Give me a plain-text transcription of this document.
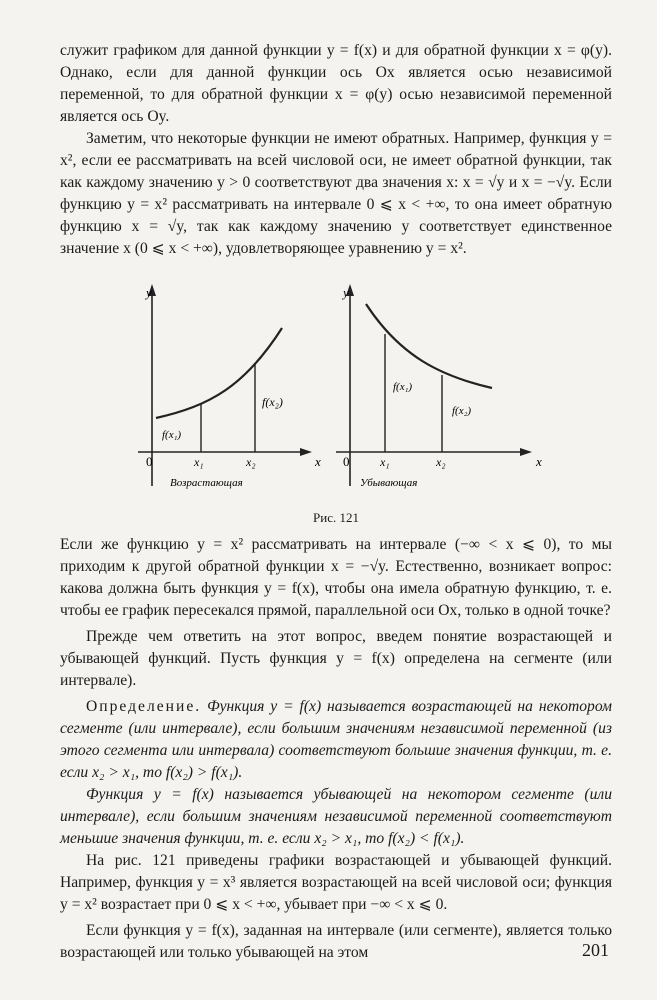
служит графиком для данной функции y = f(x) и для обратной функции x = φ(y). Однако, если для данной функции ось Ox является осью независимой переменной, то для обратной функции x = φ(y) осью независимой переменной является ось Oy.

Заметим, что некоторые функции не имеют обратных. Например, функция y = x², если ее рассматривать на всей числовой оси, не имеет обратной функции, так как каждому значению y > 0 соответствуют два значения x: x = √y и x = −√y. Если функцию y = x² рассматривать на интервале 0 ⩽ x < +∞, то она имеет обратную функцию x = √y, так как каждому значению y соответствует единственное значение x (0 ⩽ x < +∞), удовлетворяющее уравнению y = x².

y
x
0	x₁	x₂
f(x₁)
f(x₂)
Возрастающая
y
x
0	x₁	x₂
f(x₁)
f(x₂)
Убывающая
Рис. 121

Если же функцию y = x² рассматривать на интервале (−∞ < x ⩽ 0), то мы приходим к другой обратной функции x = −√y. Естественно, возникает вопрос: какова должна быть функция y = f(x), чтобы она имела обратную функцию, т. е. чтобы ее график пересекался прямой, параллельной оси Ox, только в одной точке?

Прежде чем ответить на этот вопрос, введем понятие возрастающей и убывающей функций. Пусть функция y = f(x) определена на сегменте (или интервале).

Определение. Функция y = f(x) называется возрастающей на некотором сегменте (или интервале), если большим значениям независимой переменной (из этого сегмента или интервала) соответствуют большие значения функции, т. е. если x₂ > x₁, то f(x₂) > f(x₁).

Функция y = f(x) называется убывающей на некотором сегменте (или интервале), если большим значениям независимой переменной соответствуют меньшие значения функции, т. е. если x₂ > x₁, то f(x₂) < f(x₁).

На рис. 121 приведены графики возрастающей и убывающей функций. Например, функция y = x³ является возрастающей на всей числовой оси; функция y = x² возрастает при 0 ⩽ x < +∞, убывает при −∞ < x ⩽ 0.

Если функция y = f(x), заданная на интервале (или сегменте), является только возрастающей или только убывающей на этом	201
